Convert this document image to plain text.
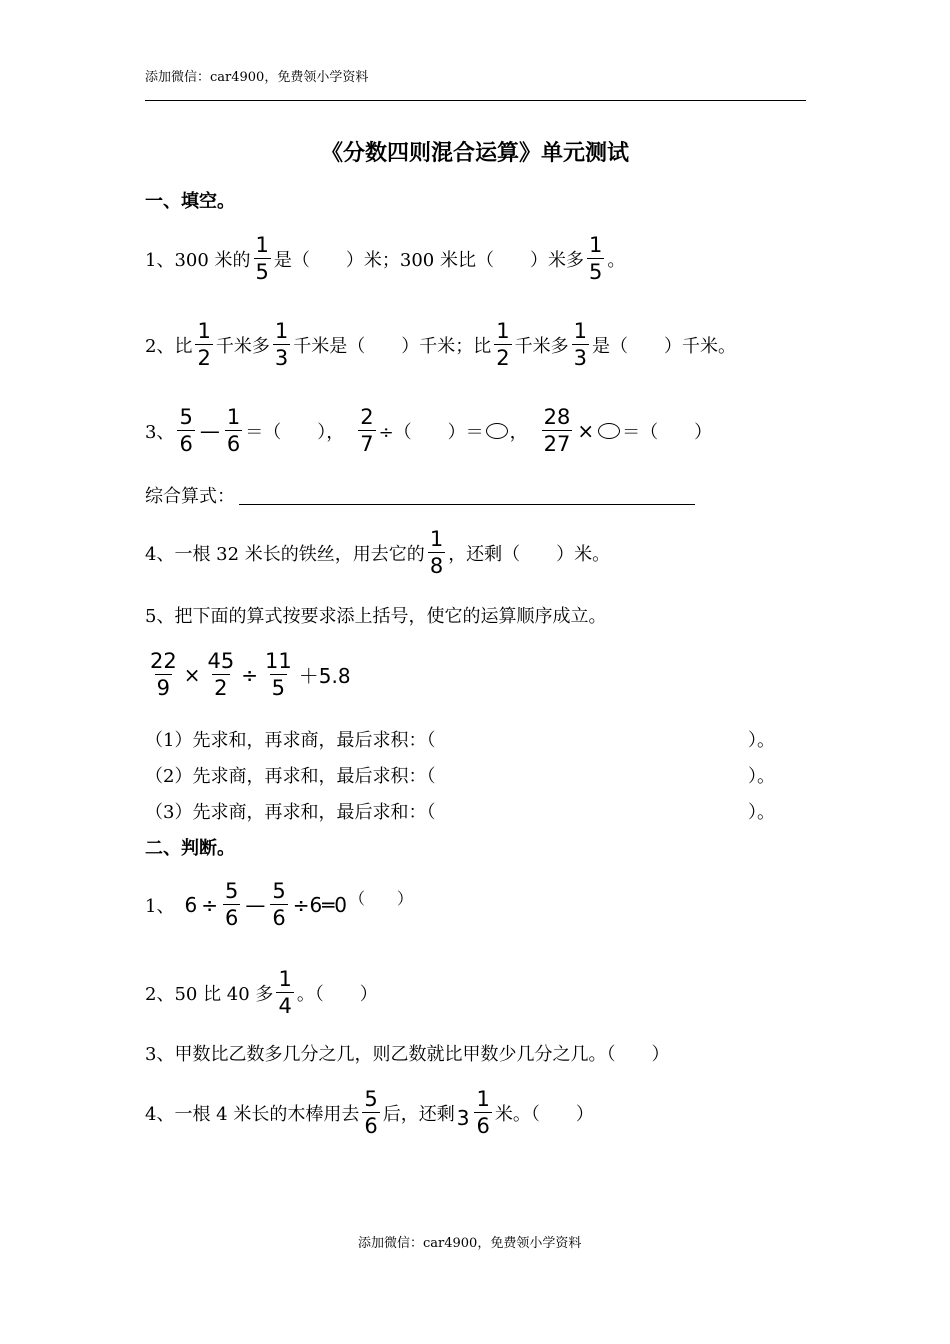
添加微信：car4900，免费领小学资料
《分数四则混合运算》单元测试
一、填空。
1、300 米的 $\frac{1}{5}$ 是（　　）米；300 米比（　　）米多 $\frac{1}{5}$ 。
2、比 $\frac{1}{2}$ 千米多 $\frac{1}{3}$ 千米是（　　）千米；比 $\frac{1}{2}$ 千米多 $\frac{1}{3}$ 是（　　）千米。
3、 $\frac{5}{6}$ — $\frac{1}{6}$ ＝（　　）， $\frac{2}{7}$ ÷（　　）＝ ， $\frac{28}{27}$ × ＝（　　）
综合算式：
4、一根 32 米长的铁丝，用去它的 $\frac{1}{8}$ ，还剩（　　）米。
5、把下面的算式按要求添上括号，使它的运算顺序成立。
$\frac{22}{9} \times \frac{45}{2} \div \frac{11}{5} +5.8$
（1）先求和，再求商，最后求积：（	）。
（2）先求商，再求和，最后求积：（	）。
（3）先求商，再求和，最后求和：（	）。
二、判断。
1、 $6 \div \frac{5}{6}$ — $\frac{5}{6}$ ÷6═0 （　　）
2、50 比 40 多 $\frac{1}{4}$ 。（　　）
3、甲数比乙数多几分之几，则乙数就比甲数少几分之几。（　　）
4、一根 4 米长的木棒用去 $\frac{5}{6}$ 后，还剩 $3 \frac{1}{6}$ 米。（　　）
添加微信：car4900，免费领小学资料
